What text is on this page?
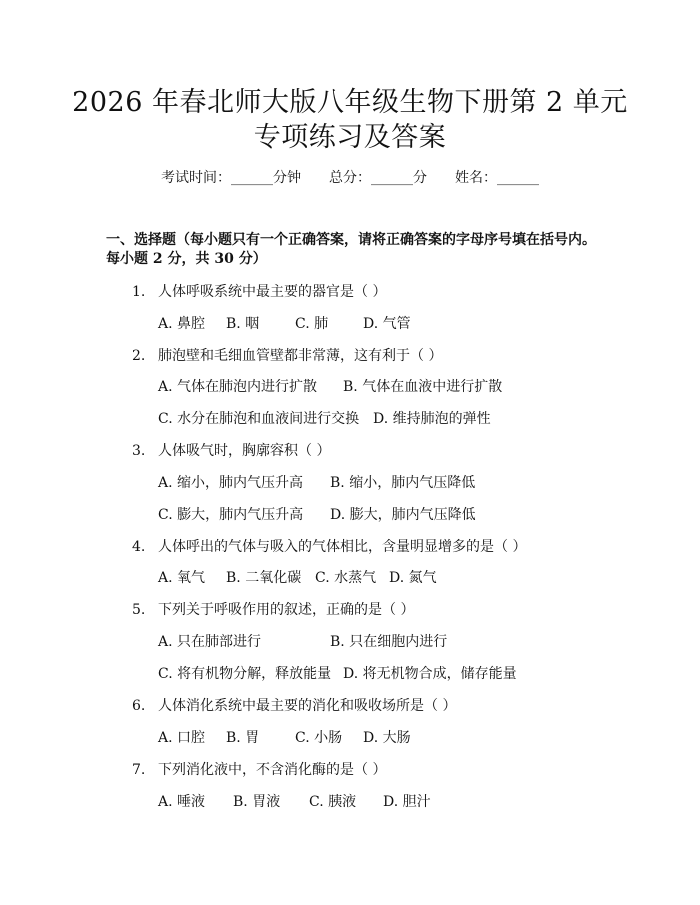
2026 年春北师大版八年级生物下册第 2 单元
专项练习及答案
考试时间：______分钟 总分：______分 姓名：______
一、选择题（每小题只有一个正确答案，请将正确答案的字母序号填在括号内。
每小题 2 分，共 30 分）
1. 人体呼吸系统中最主要的器官是（ ）
A. 鼻腔 B. 咽	C. 肺 D. 气管
2. 肺泡壁和毛细血管壁都非常薄，这有利于（ ）
A. 气体在肺泡内进行扩散 B. 气体在血液中进行扩散
C. 水分在肺泡和血液间进行交换 D. 维持肺泡的弹性
3. 人体吸气时，胸廓容积（ ）
A. 缩小，肺内气压升高 B. 缩小，肺内气压降低
C. 膨大，肺内气压升高 D. 膨大，肺内气压降低
4. 人体呼出的气体与吸入的气体相比，含量明显增多的是（ ）
A. 氧气 B. 二氧化碳 C. 水蒸气 D. 氮气
5. 下列关于呼吸作用的叙述，正确的是（ ）
A. 只在肺部进行	B. 只在细胞内进行
C. 将有机物分解，释放能量 D. 将无机物合成，储存能量
6. 人体消化系统中最主要的消化和吸收场所是（ ）
A. 口腔 B. 胃	C. 小肠 D. 大肠
7. 下列消化液中，不含消化酶的是（ ）
A. 唾液 B. 胃液 C. 胰液 D. 胆汁
